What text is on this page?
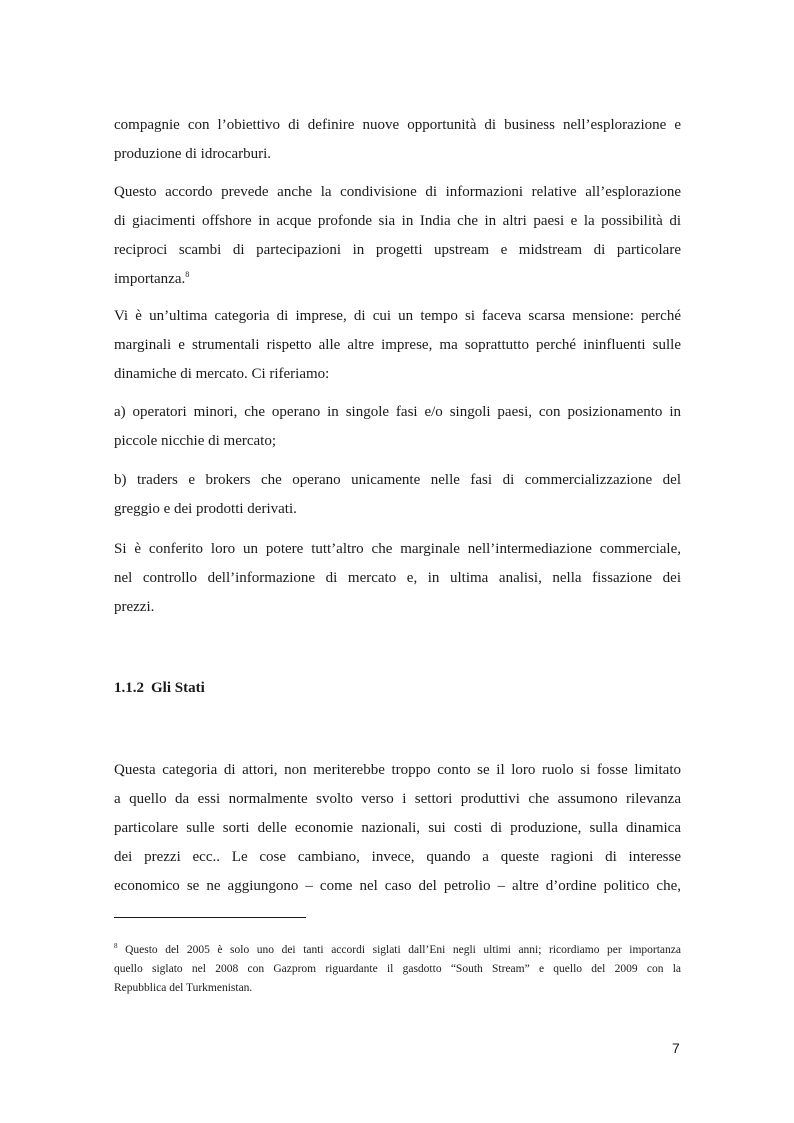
compagnie con l’obiettivo di definire nuove opportunità di business nell’esplorazione e
produzione di idrocarburi.

Questo accordo prevede anche la condivisione di informazioni relative all’esplorazione
di giacimenti offshore in acque profonde sia in India che in altri paesi e la possibilità di
reciproci scambi di partecipazioni in progetti upstream e midstream di particolare
importanza.$^8$

Vi è un’ultima categoria di imprese, di cui un tempo si faceva scarsa mensione: perché
marginali e strumentali rispetto alle altre imprese, ma soprattutto perché ininfluenti sulle
dinamiche di mercato. Ci riferiamo:

a) operatori minori, che operano in singole fasi e/o singoli paesi, con posizionamento in
piccole nicchie di mercato;

b) traders e brokers che operano unicamente nelle fasi di commercializzazione del
greggio e dei prodotti derivati.

Si è conferito loro un potere tutt’altro che marginale nell’intermediazione commerciale,
nel controllo dell’informazione di mercato e, in ultima analisi, nella fissazione dei
prezzi.

1.1.2 Gli Stati

Questa categoria di attori, non meriterebbe troppo conto se il loro ruolo si fosse limitato
a quello da essi normalmente svolto verso i settori produttivi che assumono rilevanza
particolare sulle sorti delle economie nazionali, sui costi di produzione, sulla dinamica
dei prezzi ecc.. Le cose cambiano, invece, quando a queste ragioni di interesse
economico se ne aggiungono – come nel caso del petrolio – altre d’ordine politico che,

$^8$ Questo del 2005 è solo uno dei tanti accordi siglati dall’Eni negli ultimi anni; ricordiamo per importanza
quello siglato nel 2008 con Gazprom riguardante il gasdotto “South Stream” e quello del 2009 con la
Repubblica del Turkmenistan.
7
